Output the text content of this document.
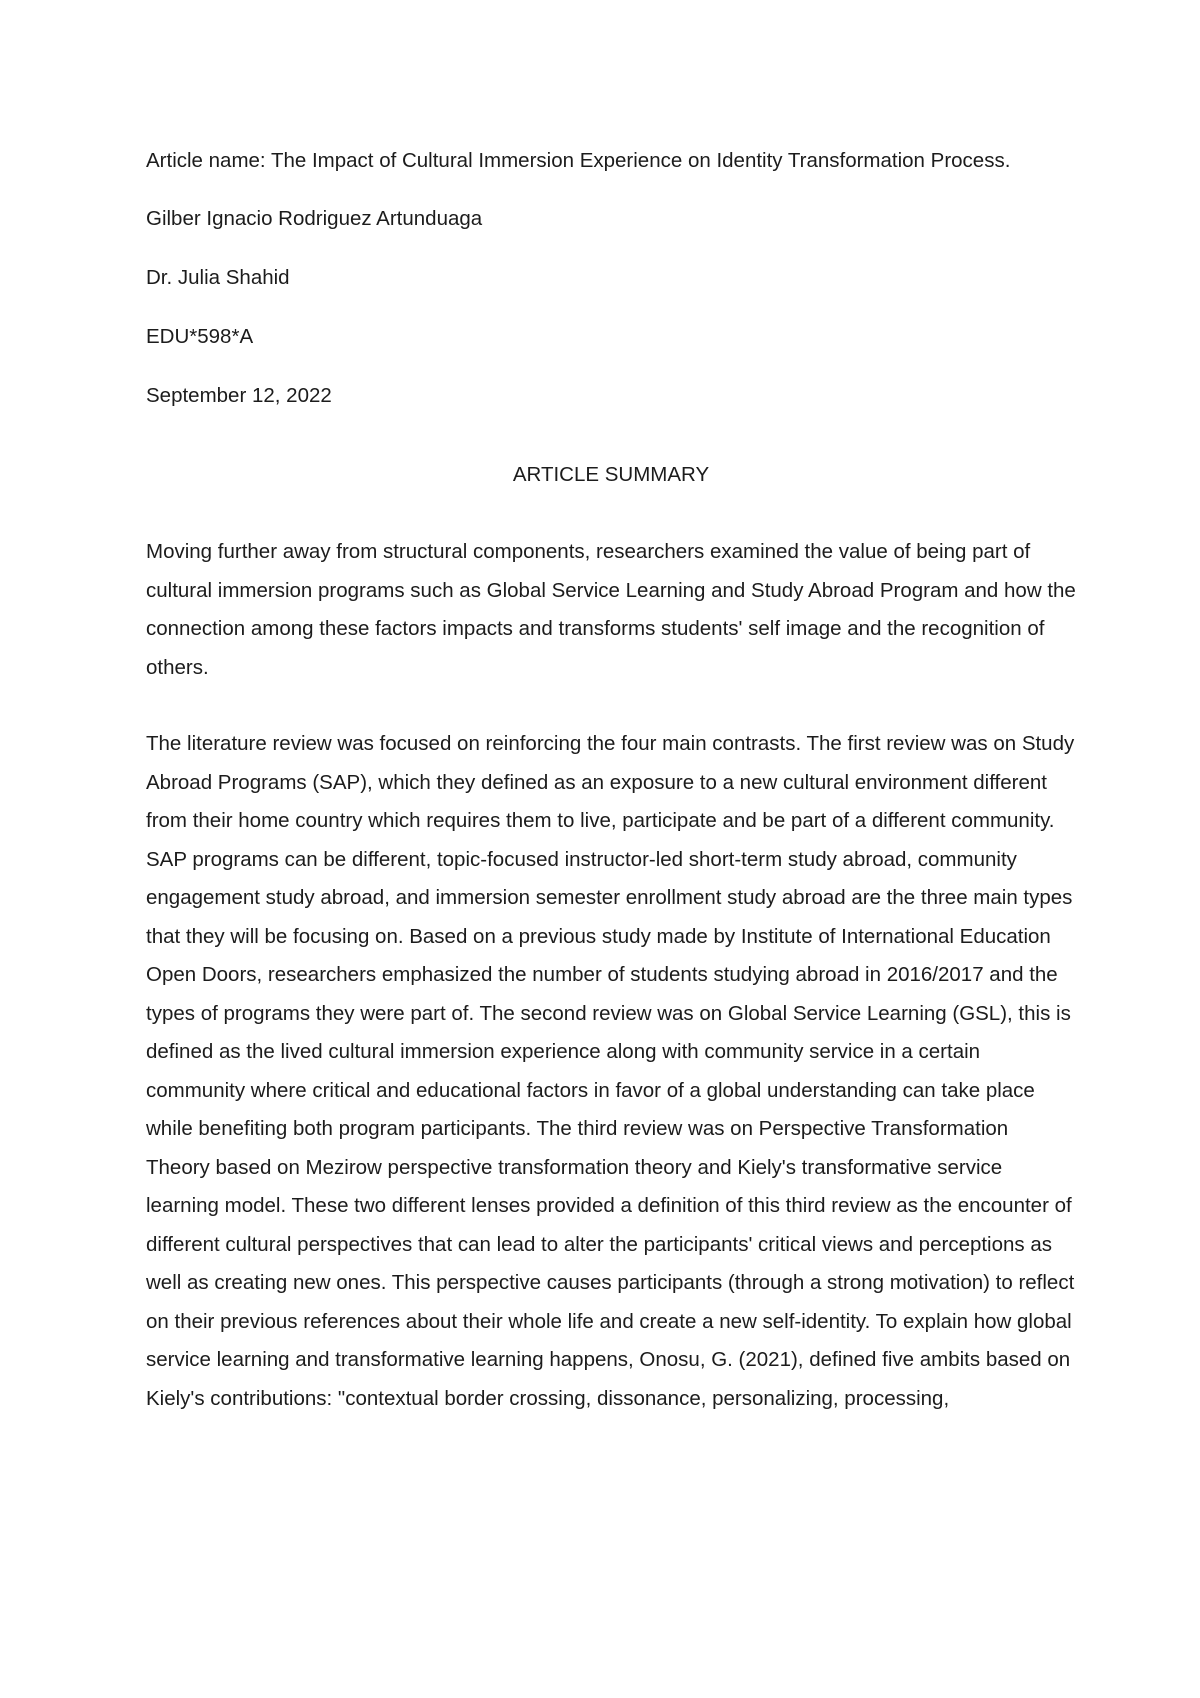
Article name: The Impact of Cultural Immersion Experience on Identity Transformation Process.

Gilber Ignacio Rodriguez Artunduaga

Dr. Julia Shahid

EDU*598*A

September 12, 2022

ARTICLE SUMMARY

Moving further away from structural components, researchers examined the value of being part of cultural immersion programs such as Global Service Learning and Study Abroad Program and how the connection among these factors impacts and transforms students' self image and the recognition of others.

The literature review was focused on reinforcing the four main contrasts. The first review was on Study Abroad Programs (SAP), which they defined as an exposure to a new cultural environment different from their home country which requires them to live, participate and be part of a different community. SAP programs can be different, topic-focused instructor-led short-term study abroad, community engagement study abroad, and immersion semester enrollment study abroad are the three main types that they will be focusing on. Based on a previous study made by Institute of International Education Open Doors, researchers emphasized the number of students studying abroad in 2016/2017 and the types of programs they were part of. The second review was on Global Service Learning (GSL), this is defined as the lived cultural immersion experience along with community service in a certain community where critical and educational factors in favor of a global understanding can take place while benefiting both program participants. The third review was on Perspective Transformation Theory based on Mezirow perspective transformation theory and Kiely's transformative service learning model. These two different lenses provided a definition of this third review as the encounter of different cultural perspectives that can lead to alter the participants' critical views and perceptions as well as creating new ones. This perspective causes participants (through a strong motivation) to reflect on their previous references about their whole life and create a new self-identity. To explain how global service learning and transformative learning happens, Onosu, G. (2021), defined five ambits based on Kiely's contributions: "contextual border crossing, dissonance, personalizing, processing,
